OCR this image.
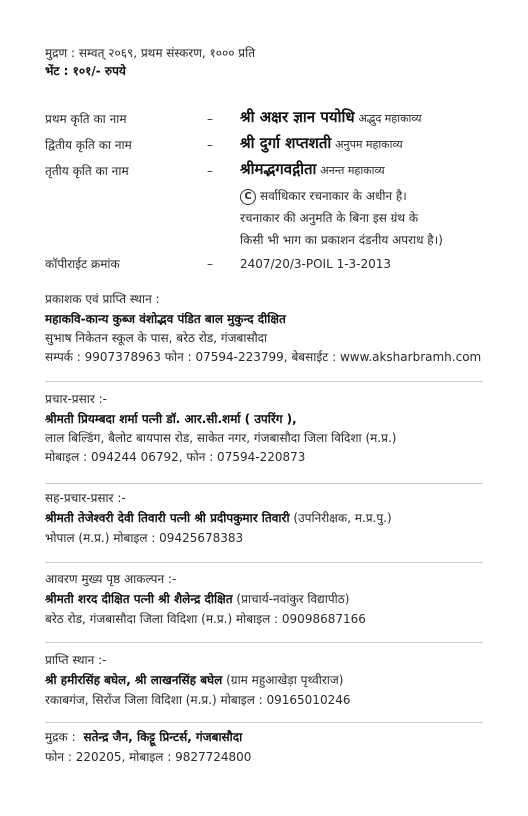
मुद्रण : सम्वत् २०६९, प्रथम संस्करण, १००० प्रति
भेंट : १०१/- रुपये
प्रथम कृति का नाम	– श्री अक्षर ज्ञान पयोधि अद्भुद महाकाव्य
द्वितीय कृति का नाम	– श्री दुर्गा शप्तशती अनुपम महाकाव्य
तृतीय कृति का नाम	– श्रीमद्भगवद्गीता अनन्त महाकाव्य
C सर्वाधिकार रचनाकार के अधीन है।
रचनाकार की अनुमति के बिना इस ग्रंथ के
किसी भी भाग का प्रकाशन दंडनीय अपराध है।)
कॉपीराईट क्रमांक	– 2407/20/3-POIL 1-3-2013
प्रकाशक एवं प्राप्ति स्थान :
महाकवि-कान्य कुब्ज वंशोद्भव पंडित बाल मुकुन्द दीक्षित
सुभाष निकेतन स्कूल के पास, बरेठ रोड, गंजबासौदा
सम्पर्क : 9907378963 फोन : 07594-223799, बेबसाईट : www.aksharbramh.com
प्रचार-प्रसार :-
श्रीमती प्रियम्बदा शर्मा पत्नी डॉ. आर.सी.शर्मा ( उपरिंग ),
लाल बिल्डिंग, बैलोट बायपास रोड, साकेत नगर, गंजबासौदा जिला विदिशा (म.प्र.)
मोबाइल : 094244 06792, फोन : 07594-220873
सह-प्रचार-प्रसार :-
श्रीमती तेजेश्वरी देवी तिवारी पत्नी श्री प्रदीपकुमार तिवारी (उपनिरीक्षक, म.प्र.पु.)
भोपाल (म.प्र.) मोबाइल : 09425678383
आवरण मुख्य पृष्ठ आकल्पन :-
श्रीमती शरद दीक्षित पत्नी श्री शैलेन्द्र दीक्षित (प्राचार्य-नवांकुर विद्यापीठ)
बरेठ रोड, गंजबासौदा जिला विदिशा (म.प्र.) मोबाइल : 09098687166
प्राप्ति स्थान :-
श्री हमीरसिंह बघेल, श्री लाखनसिंह बघेल (ग्राम महुआखेड़ा पृथ्वीराज)
रकाबगंज, सिरोंज जिला विदिशा (म.प्र.) मोबाइल : 09165010246
मुद्रक : सतेन्द्र जैन, किट्टू प्रिन्टर्स, गंजबासौदा
फोन : 220205, मोबाइल : 9827724800
